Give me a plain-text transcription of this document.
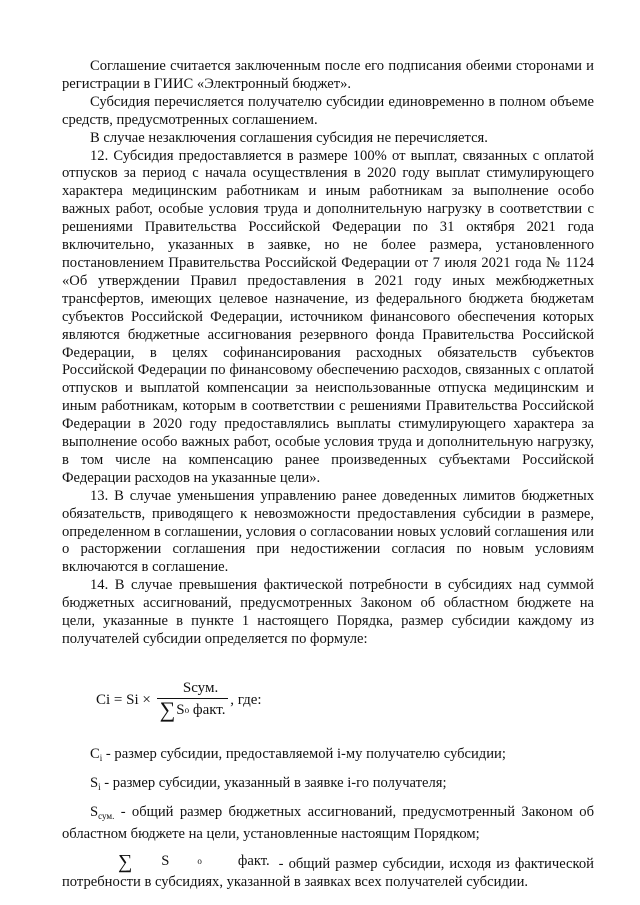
Соглашение считается заключенным после его подписания обеими сторонами и регистрации в ГИИС «Электронный бюджет».

Субсидия перечисляется получателю субсидии единовременно в полном объеме средств, предусмотренных соглашением.

В случае незаключения соглашения субсидия не перечисляется.

12. Субсидия предоставляется в размере 100% от выплат, связанных с оплатой отпусков за период с начала осуществления в 2020 году выплат стимулирующего характера медицинским работникам и иным работникам за выполнение особо важных работ, особые условия труда и дополнительную нагрузку в соответствии с решениями Правительства Российской Федерации по 31 октября 2021 года включительно, указанных в заявке, но не более размера, установленного постановлением Правительства Российской Федерации от 7 июля 2021 года № 1124 «Об утверждении Правил предоставления в 2021 году иных межбюджетных трансфертов, имеющих целевое назначение, из федерального бюджета бюджетам субъектов Российской Федерации, источником финансового обеспечения которых являются бюджетные ассигнования резервного фонда Правительства Российской Федерации, в целях софинансирования расходных обязательств субъектов Российской Федерации по финансовому обеспечению расходов, связанных с оплатой отпусков и выплатой компенсации за неиспользованные отпуска медицинским и иным работникам, которым в соответствии с решениями Правительства Российской Федерации в 2020 году предоставлялись выплаты стимулирующего характера за выполнение особо важных работ, особые условия труда и дополнительную нагрузку, в том числе на компенсацию ранее произведенных субъектами Российской Федерации расходов на указанные цели».

13. В случае уменьшения управлению ранее доведенных лимитов бюджетных обязательств, приводящего к невозможности предоставления субсидии в размере, определенном в соглашении, условия о согласовании новых условий соглашения или о расторжении соглашения при недостижении согласия по новым условиям включаются в соглашение.

14. В случае превышения фактической потребности в субсидиях над суммой бюджетных ассигнований, предусмотренных Законом об областном бюджете на цели, указанные в пункте 1 настоящего Порядка, размер субсидии каждому из получателей субсидии определяется по формуле:

Ci = Si × Sсум.
∑ S о
факт. , где:

$C_i$ - размер субсидии, предоставляемой i-му получателю субсидии;

$S_i$ - размер субсидии, указанный в заявке i-го получателя;

$S_{сум.}$ - общий размер бюджетных ассигнований, предусмотренный Законом об областном бюджете на цели, установленные настоящим Порядком;

∑	S	о	факт. - общий размер субсидии, исходя из фактической потребности в субсидиях, указанной в заявках всех получателей субсидии.
